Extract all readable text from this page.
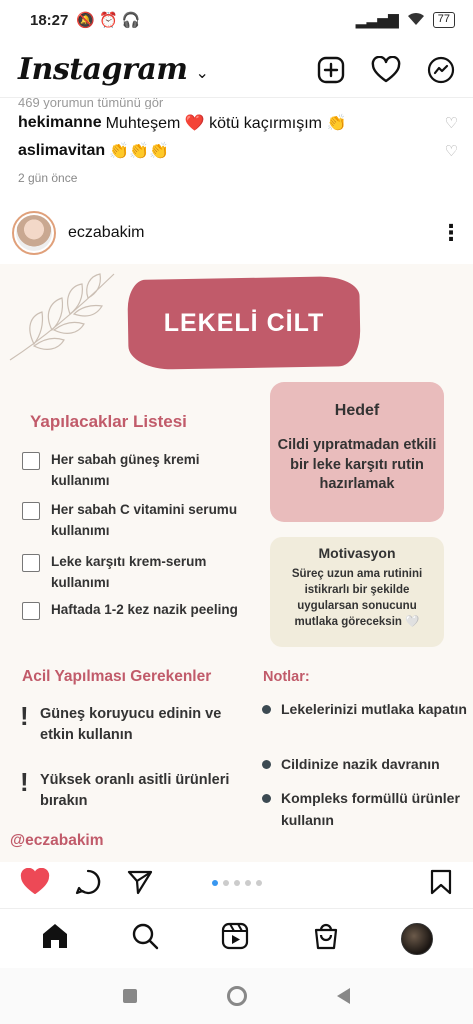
18:27 🔕 ⏰ 🎧	▂▃▅▇	77
Instagram ⌄
469 yorumun tümünü gör
hekimanne Muhteşem ❤️ kötü kaçırmışım 👏	♡
aslimavitan 👏👏👏	♡
2 gün önce
eczabakim	⋮
LEKELİ CİLT
Yapılacaklar Listesi
Her sabah güneş kremi kullanımı
Her sabah C vitamini serumu kullanımı
Leke karşıtı krem-serum kullanımı
Haftada 1-2 kez nazik peeling
Hedef
Cildi yıpratmadan etkili bir leke karşıtı rutin hazırlamak
Motivasyon
Süreç uzun ama rutinini istikrarlı bir şekilde uygularsan sonucunu mutlaka göreceksin 🤍
Acil Yapılması Gerekenler
! Güneş koruyucu edinin ve etkin kullanın
! Yüksek oranlı asitli ürünleri bırakın
Notlar:
Lekelerinizi mutlaka kapatın
Cildinize nazik davranın
Kompleks formüllü ürünler kullanın
@eczabakim
